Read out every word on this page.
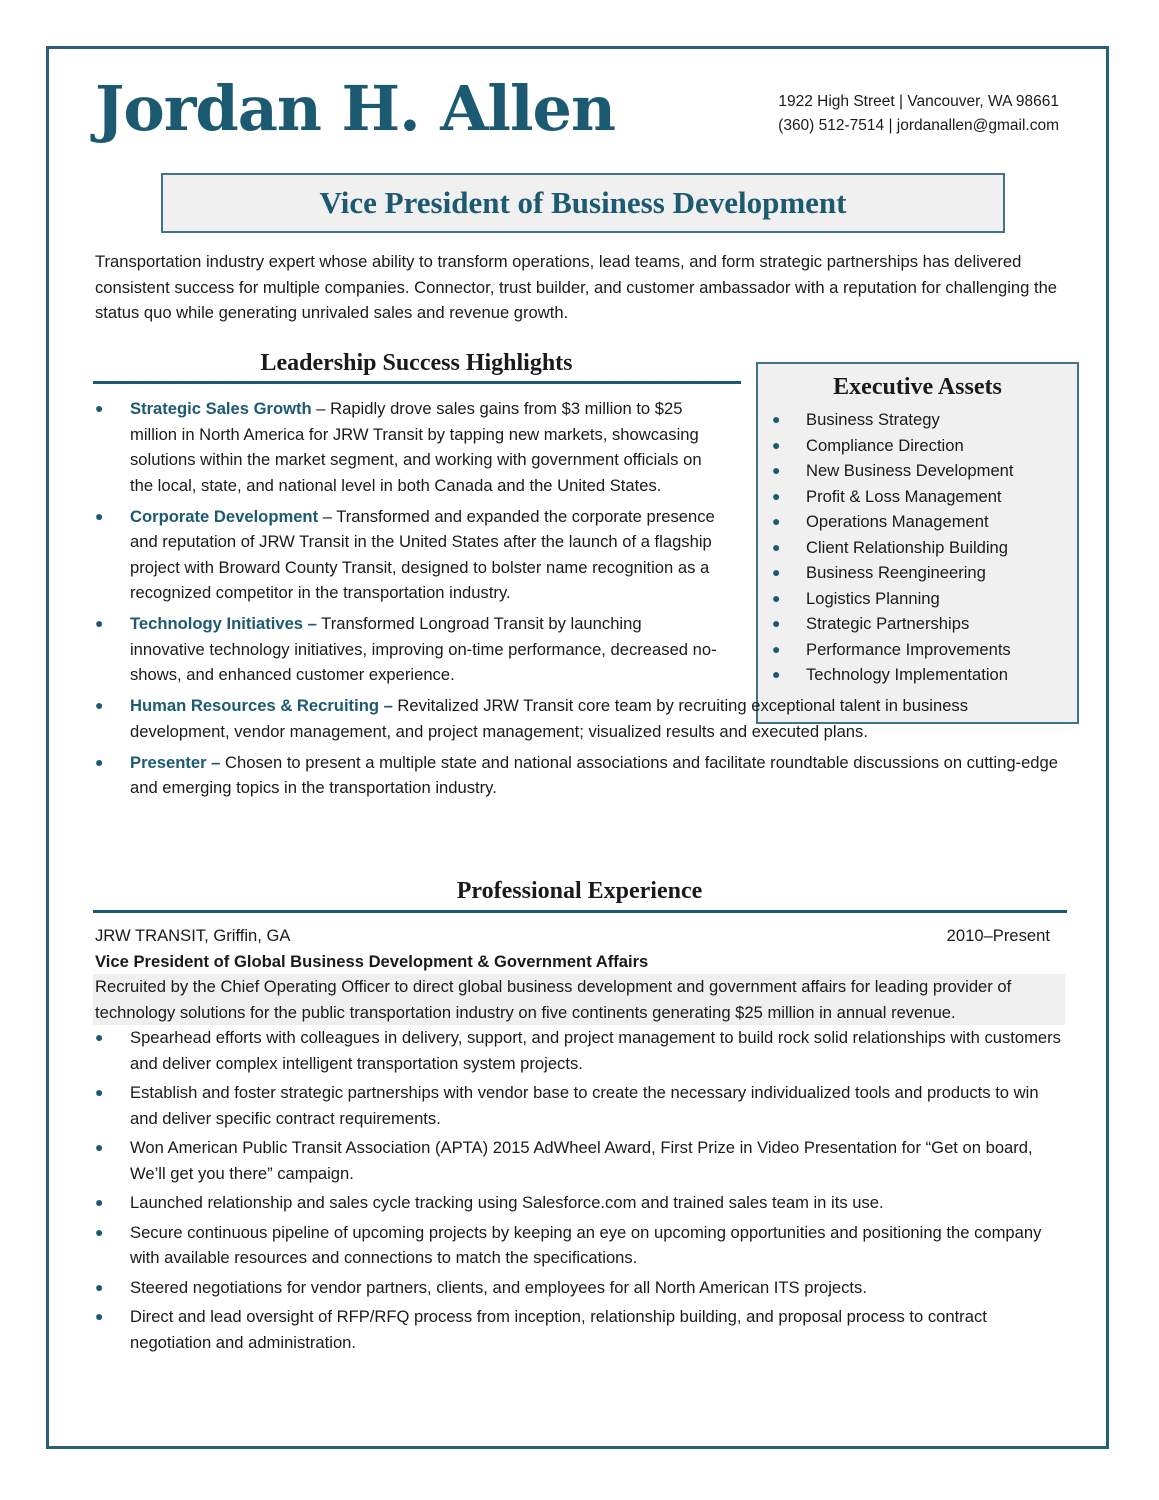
Jordan H. Allen	1922 High Street | Vancouver, WA 98661
(360) 512-7514 | jordanallen@gmail.com
Vice President of Business Development

Transportation industry expert whose ability to transform operations, lead teams, and form strategic partnerships has delivered consistent success for multiple companies. Connector, trust builder, and customer ambassador with a reputation for challenging the status quo while generating unrivaled sales and revenue growth.

Leadership Success Highlights
Executive Assets
● Business Strategy
● Compliance Direction
● New Business Development
● Profit & Loss Management
● Operations Management
● Client Relationship Building
● Business Reengineering
● Logistics Planning
● Strategic Partnerships
● Performance Improvements
● Technology Implementation
● Strategic Sales Growth – Rapidly drove sales gains from $3 million to $25 million in North America for JRW Transit by tapping new markets, showcasing solutions within the market segment, and working with government officials on the local, state, and national level in both Canada and the United States.
● Corporate Development – Transformed and expanded the corporate presence and reputation of JRW Transit in the United States after the launch of a flagship project with Broward County Transit, designed to bolster name recognition as a recognized competitor in the transportation industry.
● Technology Initiatives – Transformed Longroad Transit by launching innovative technology initiatives, improving on-time performance, decreased no-shows, and enhanced customer experience.
● Human Resources & Recruiting – Revitalized JRW Transit core team by recruiting exceptional talent in business development, vendor management, and project management; visualized results and executed plans.
● Presenter – Chosen to present a multiple state and national associations and facilitate roundtable discussions on cutting-edge and emerging topics in the transportation industry.
Professional Experience
JRW TRANSIT, Griffin, GA	2010–Present
Vice President of Global Business Development & Government Affairs
Recruited by the Chief Operating Officer to direct global business development and government affairs for leading provider of technology solutions for the public transportation industry on five continents generating $25 million in annual revenue.
● Spearhead efforts with colleagues in delivery, support, and project management to build rock solid relationships with customers and deliver complex intelligent transportation system projects.
● Establish and foster strategic partnerships with vendor base to create the necessary individualized tools and products to win and deliver specific contract requirements.
● Won American Public Transit Association (APTA) 2015 AdWheel Award, First Prize in Video Presentation for “Get on board, We’ll get you there” campaign.
● Launched relationship and sales cycle tracking using Salesforce.com and trained sales team in its use.
● Secure continuous pipeline of upcoming projects by keeping an eye on upcoming opportunities and positioning the company with available resources and connections to match the specifications.
● Steered negotiations for vendor partners, clients, and employees for all North American ITS projects.
● Direct and lead oversight of RFP/RFQ process from inception, relationship building, and proposal process to contract negotiation and administration.
